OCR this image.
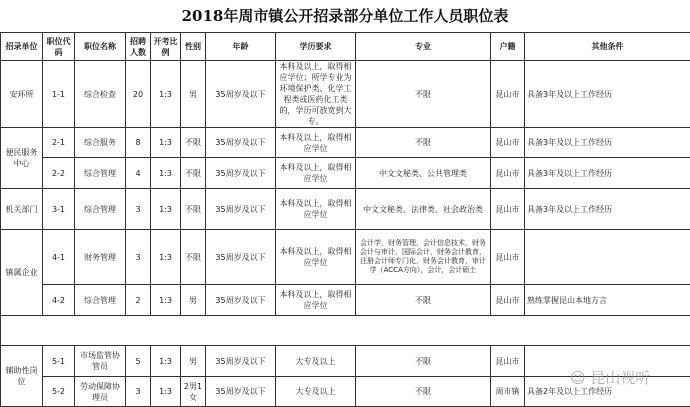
2018年周市镇公开招录部分单位工作人员职位表
招录单位	职位代码	职位名称	招聘人数	开考比例	性别	年龄	学历要求	专业	户籍	其他条件
安环所	1-1	综合检查	20	1:3	男	35周岁及以下	本科及以上，取得相应学位；所学专业为环境保护类、化学工程类或医药化工类的，学历可放宽到大专。	不限	昆山市	具备3年及以上工作经历
便民服务中心	2-1	综合服务	8	1:3	不限	35周岁及以下	本科及以上，取得相应学位	不限	昆山市	具备3年及以上工作经历
	2-2	综合管理	4	1:3	不限	35周岁及以下	本科及以上，取得相应学位	中文文秘类、公共管理类	昆山市	具备3年及以上工作经历
机关部门	3-1	综合管理	3	1:3	不限	35周岁及以下	本科及以上，取得相应学位	中文文秘类、法律类、社会政治类	昆山市	具备3年及以上工作经历
镇属企业	4-1	财务管理	3	1:3	不限	35周岁及以下	本科及以上，取得相应学位	会计学，财务管理，会计信息技术，财务会计与审计，国际会计，财务会计教育，注册会计师专门化，财务会计教育，审计学（ACCA方向），会计，会计硕士	昆山市	
	4-2	综合管理	2	1:3	男	35周岁及以下	本科及以上，取得相应学位	不限	昆山市	熟练掌握昆山本地方言

辅助性岗位	5-1	市场监管协管员	5	1:3	男	35周岁及以下	大专及以上	不限	昆山市	
	5-2	劳动保障协理员	3	1:3	2男1女	35周岁及以下	大专及以上	不限	周市镇	具备2年及以上工作经历
☺ 昆山视听
